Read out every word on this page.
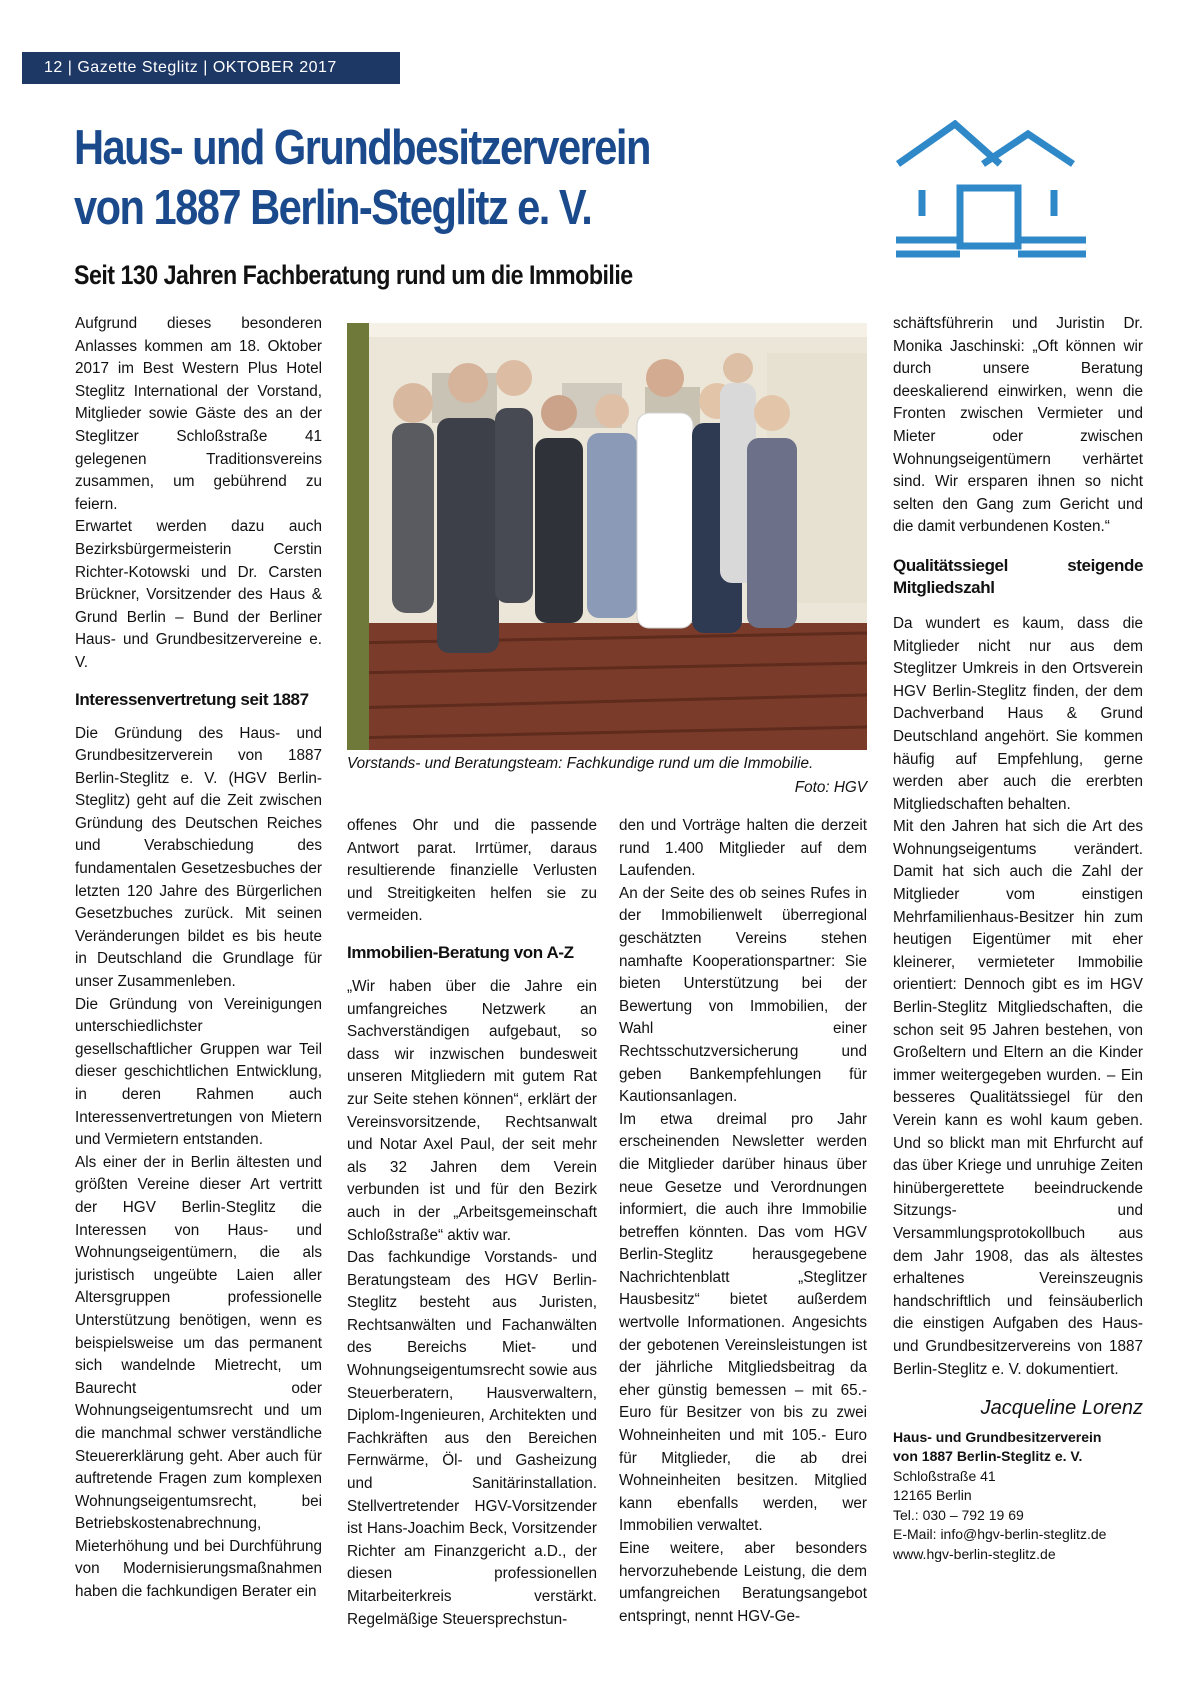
12 | Gazette Steglitz | OKTOBER 2017
Haus- und Grundbesitzerverein
von 1887 Berlin-Steglitz e. V.
Seit 130 Jahren Fachberatung rund um die Immobilie

Aufgrund dieses besonderen Anlasses kommen am 18. Oktober 2017 im Best Western Plus Hotel Steglitz International der Vorstand, Mitglieder sowie Gäste des an der Steglitzer Schloßstraße 41 gelegenen Traditionsvereins zusammen, um gebührend zu feiern.

Erwartet werden dazu auch Bezirksbürgermeisterin Cerstin Richter-Kotowski und Dr. Carsten Brückner, Vorsitzender des Haus & Grund Berlin – Bund der Berliner Haus- und Grundbesitzervereine e. V.

Interessenvertretung seit 1887

Die Gründung des Haus- und Grundbesitzerverein von 1887 Berlin-Steglitz e. V. (HGV Berlin-Steglitz) geht auf die Zeit zwischen Gründung des Deutschen Reiches und Verabschiedung des fundamentalen Gesetzesbuches der letzten 120 Jahre des Bürgerlichen Gesetzbuches zurück. Mit seinen Veränderungen bildet es bis heute in Deutschland die Grundlage für unser Zusammenleben.

Die Gründung von Vereinigungen unterschiedlichster gesellschaftlicher Gruppen war Teil dieser geschichtlichen Entwicklung, in deren Rahmen auch Interessenvertretungen von Mietern und Vermietern entstanden.

Als einer der in Berlin ältesten und größten Vereine dieser Art vertritt der HGV Berlin-Steglitz die Interessen von Haus- und Wohnungseigentümern, die als juristisch ungeübte Laien aller Altersgruppen professionelle Unterstützung benötigen, wenn es beispielsweise um das permanent sich wandelnde Mietrecht, um Baurecht oder Wohnungseigentumsrecht und um die manchmal schwer verständliche Steuererklärung geht. Aber auch für auftretende Fragen zum komplexen Wohnungseigentumsrecht, bei Betriebskostenabrechnung, Mieterhöhung und bei Durchführung von Modernisierungsmaßnahmen haben die fachkundigen Berater ein

Vorstands- und Beratungsteam: Fachkundige rund um die Immobilie.
Foto: HGV

offenes Ohr und die passende Antwort parat. Irrtümer, daraus resultierende finanzielle Verlusten und Streitigkeiten helfen sie zu vermeiden.

Immobilien-Beratung von A-Z

„Wir haben über die Jahre ein umfangreiches Netzwerk an Sachverständigen aufgebaut, so dass wir inzwischen bundesweit unseren Mitgliedern mit gutem Rat zur Seite stehen können“, erklärt der Vereinsvorsitzende, Rechtsanwalt und Notar Axel Paul, der seit mehr als 32 Jahren dem Verein verbunden ist und für den Bezirk auch in der „Arbeitsgemeinschaft Schloßstraße“ aktiv war.

Das fachkundige Vorstands- und Beratungsteam des HGV Berlin-Steglitz besteht aus Juristen, Rechtsanwälten und Fachanwälten des Bereichs Miet- und Wohnungseigentumsrecht sowie aus Steuerberatern, Hausverwaltern, Diplom-Ingenieuren, Architekten und Fachkräften aus den Bereichen Fernwärme, Öl- und Gasheizung und Sanitärinstallation. Stellvertretender HGV-Vorsitzender ist Hans-Joachim Beck, Vorsitzender Richter am Finanzgericht a.D., der diesen professionellen Mitarbeiterkreis verstärkt. Regelmäßige Steuersprechstun-

den und Vorträge halten die derzeit rund 1.400 Mitglieder auf dem Laufenden.

An der Seite des ob seines Rufes in der Immobilienwelt überregional geschätzten Vereins stehen namhafte Kooperationspartner: Sie bieten Unterstützung bei der Bewertung von Immobilien, der Wahl einer Rechtsschutzversicherung und geben Bankempfehlungen für Kautionsanlagen.

Im etwa dreimal pro Jahr erscheinenden Newsletter werden die Mitglieder darüber hinaus über neue Gesetze und Verordnungen informiert, die auch ihre Immobilie betreffen könnten. Das vom HGV Berlin-Steglitz herausgegebene Nachrichtenblatt „Steglitzer Hausbesitz“ bietet außerdem wertvolle Informationen. Angesichts der gebotenen Vereinsleistungen ist der jährliche Mitgliedsbeitrag da eher günstig bemessen – mit 65.- Euro für Besitzer von bis zu zwei Wohneinheiten und mit 105.- Euro für Mitglieder, die ab drei Wohneinheiten besitzen. Mitglied kann ebenfalls werden, wer Immobilien verwaltet.

Eine weitere, aber besonders hervorzuhebende Leistung, die dem umfangreichen Beratungsangebot entspringt, nennt HGV-Ge-

schäftsführerin und Juristin Dr. Monika Jaschinski: „Oft können wir durch unsere Beratung deeskalierend einwirken, wenn die Fronten zwischen Vermieter und Mieter oder zwischen Wohnungseigentümern verhärtet sind. Wir ersparen ihnen so nicht selten den Gang zum Gericht und die damit verbundenen Kosten.“

Qualitätssiegel steigende Mitgliedszahl

Da wundert es kaum, dass die Mitglieder nicht nur aus dem Steglitzer Umkreis in den Ortsverein HGV Berlin-Steglitz finden, der dem Dachverband Haus & Grund Deutschland angehört. Sie kommen häufig auf Empfehlung, gerne werden aber auch die ererbten Mitgliedschaften behalten.

Mit den Jahren hat sich die Art des Wohnungseigentums verändert. Damit hat sich auch die Zahl der Mitglieder vom einstigen Mehrfamilienhaus-Besitzer hin zum heutigen Eigentümer mit eher kleinerer, vermieteter Immobilie orientiert: Dennoch gibt es im HGV Berlin-Steglitz Mitgliedschaften, die schon seit 95 Jahren bestehen, von Großeltern und Eltern an die Kinder immer weitergegeben wurden. – Ein besseres Qualitätssiegel für den Verein kann es wohl kaum geben. Und so blickt man mit Ehrfurcht auf das über Kriege und unruhige Zeiten hinübergerettete beeindruckende Sitzungs- und Versammlungsprotokollbuch aus dem Jahr 1908, das als ältestes erhaltenes Vereinszeugnis handschriftlich und feinsäuberlich die einstigen Aufgaben des Haus- und Grundbesitzervereins von 1887 Berlin-Steglitz e. V. dokumentiert.

Jacqueline Lorenz

Haus- und Grundbesitzerverein
von 1887 Berlin-Steglitz e. V.
Schloßstraße 41
12165 Berlin
Tel.: 030 – 792 19 69
E-Mail: info@hgv-berlin-steglitz.de
www.hgv-berlin-steglitz.de
